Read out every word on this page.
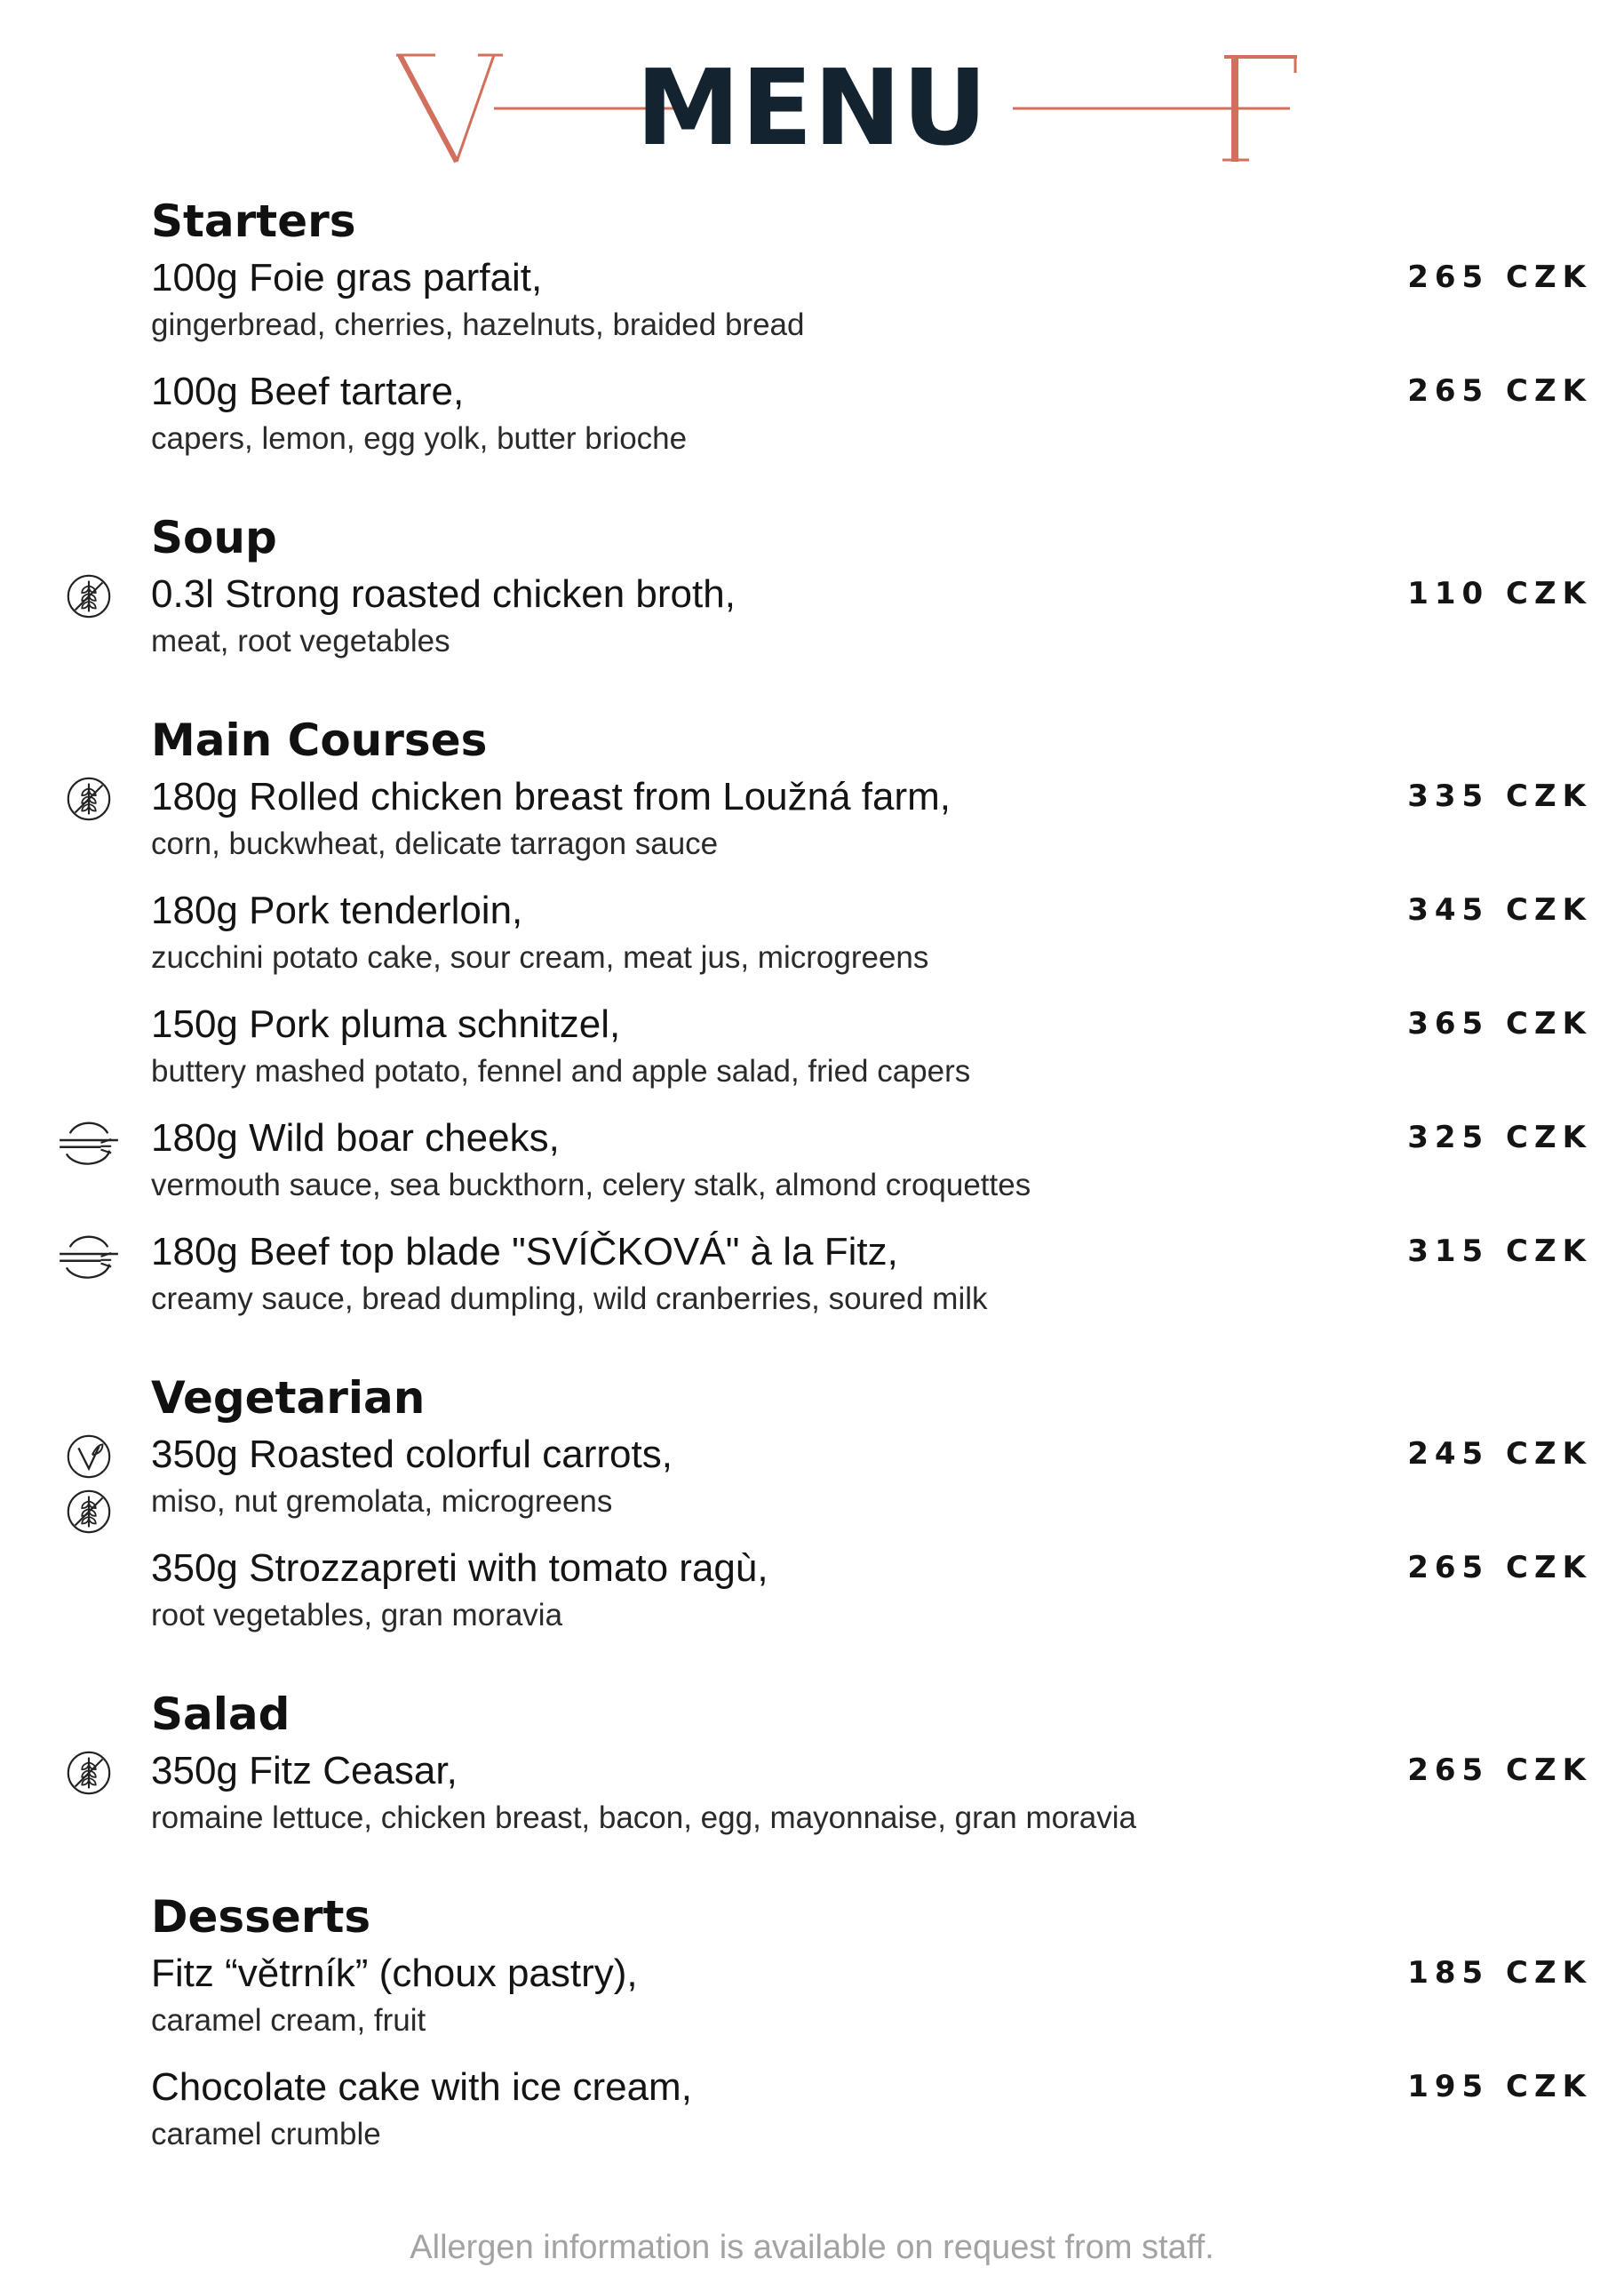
MENU
Starters
100g Foie gras parfait,
gingerbread, cherries, hazelnuts, braided bread
265 CZK
100g Beef tartare,
capers, lemon, egg yolk, butter brioche
265 CZK
Soup
0.3l Strong roasted chicken broth,
meat, root vegetables
110 CZK
Main Courses
180g Rolled chicken breast from Loužná farm,
corn, buckwheat, delicate tarragon sauce
335 CZK
180g Pork tenderloin,
zucchini potato cake, sour cream, meat jus, microgreens
345 CZK
150g Pork pluma schnitzel,
buttery mashed potato, fennel and apple salad, fried capers
365 CZK
180g Wild boar cheeks,
vermouth sauce, sea buckthorn, celery stalk, almond croquettes
325 CZK
180g Beef top blade "SVÍČKOVÁ" à la Fitz,
creamy sauce, bread dumpling, wild cranberries, soured milk
315 CZK
Vegetarian
350g Roasted colorful carrots,
miso, nut gremolata, microgreens
245 CZK
350g Strozzapreti with tomato ragù,
root vegetables, gran moravia
265 CZK
Salad
350g Fitz Ceasar,
romaine lettuce, chicken breast, bacon, egg, mayonnaise, gran moravia
265 CZK
Desserts
Fitz “větrník” (choux pastry),
caramel cream, fruit
185 CZK
Chocolate cake with ice cream,
caramel crumble
195 CZK
Allergen information is available on request from staff.
